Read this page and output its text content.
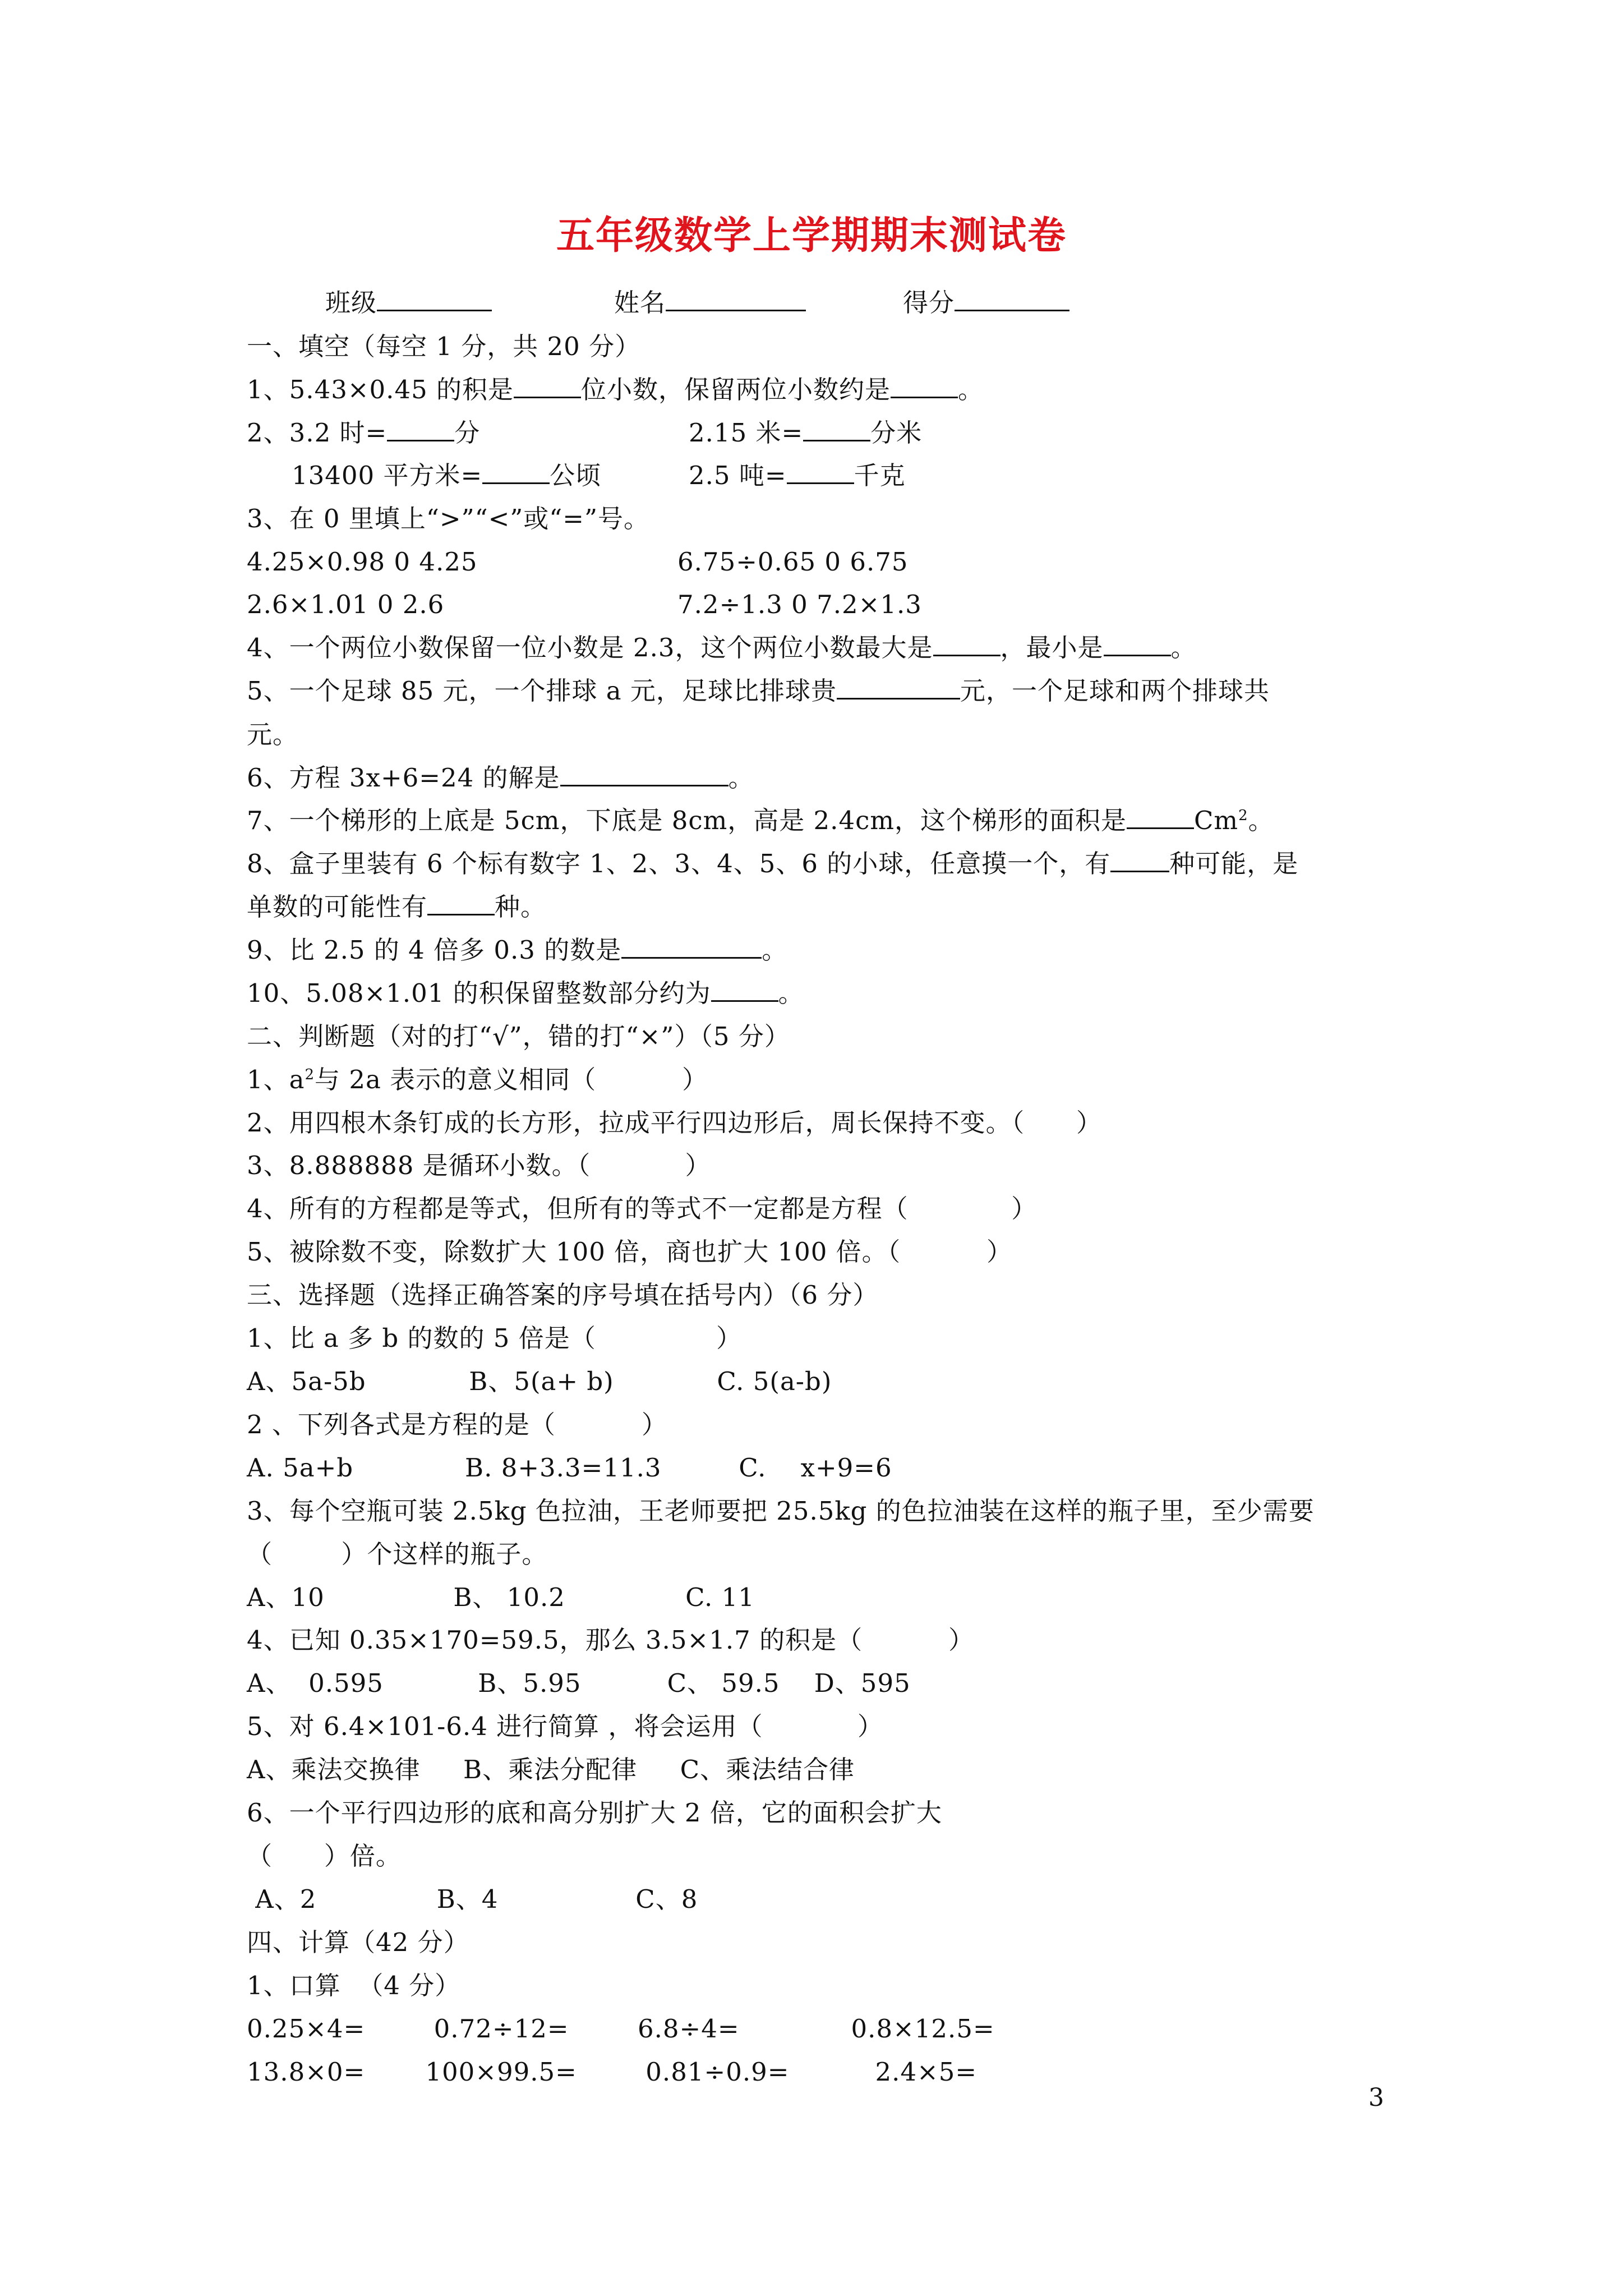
五年级数学上学期期末测试卷
班级	姓名	得分
一、填空（每空 1 分，共 20 分）
1、5.43×0.45 的积是	位小数，保留两位小数约是	。
2、3.2 时=	分	2.15 米=	分米
13400 平方米=	公顷	2.5 吨=	千克
3、在 0 里填上“>”“<”或“=”号。
4.25×0.98 0 4.25	6.75÷0.65 0 6.75
2.6×1.01 0 2.6	7.2÷1.3 0 7.2×1.3
4、一个两位小数保留一位小数是 2.3，这个两位小数最大是	，最小是	。
5、一个足球 85 元，一个排球 a 元，足球比排球贵	元，一个足球和两个排球共
元。
6、方程 3x+6=24 的解是	。
7、一个梯形的上底是 5cm，下底是 8cm，高是 2.4cm，这个梯形的面积是	Cm$^2$。
8、盒子里装有 6 个标有数字 1、2、3、4、5、6 的小球，任意摸一个，有 种可能，是
单数的可能性有	种。
9、比 2.5 的 4 倍多 0.3 的数是	。
10、5.08×1.01 的积保留整数部分约为	。
二、判断题（对的打“√”，错的打“×”）（5 分）
1、$a^2$与 2a 表示的意义相同（          ）
2、用四根木条钉成的长方形，拉成平行四边形后，周长保持不变。（      ）
3、8.888888 是循环小数。（           ）
4、所有的方程都是等式，但所有的等式不一定都是方程（            ）
5、被除数不变，除数扩大 100 倍，商也扩大 100 倍。（          ）
三、选择题（选择正确答案的序号填在括号内）（6 分）
1、比 a 多 b 的数的 5 倍是（              ）
A、5a-5b            B、5(a+ b)            C. 5(a-b)
2 、下列各式是方程的是（          ）
A. 5a+b             B. 8+3.3=11.3         C.    x+9=6
3、每个空瓶可装 2.5kg 色拉油，王老师要把 25.5kg 的色拉油装在这样的瓶子里，至少需要
（        ）个这样的瓶子。
A、10               B、 10.2              C. 11
4、已知 0.35×170=59.5，那么 3.5×1.7 的积是（          ）
A、  0.595           B、5.95          C、 59.5    D、595
5、对 6.4×101-6.4 进行简算 ，将会运用（           ）
A、乘法交换律     B、乘法分配律     C、乘法结合律
6、一个平行四边形的底和高分别扩大 2 倍，它的面积会扩大
（      ）倍。
A、2              B、4                C、8
四、计算（42 分）
1、口算  （4 分）
0.25×4=        0.72÷12=        6.8÷4=             0.8×12.5=
13.8×0=       100×99.5=        0.81÷0.9=          2.4×5=
3
